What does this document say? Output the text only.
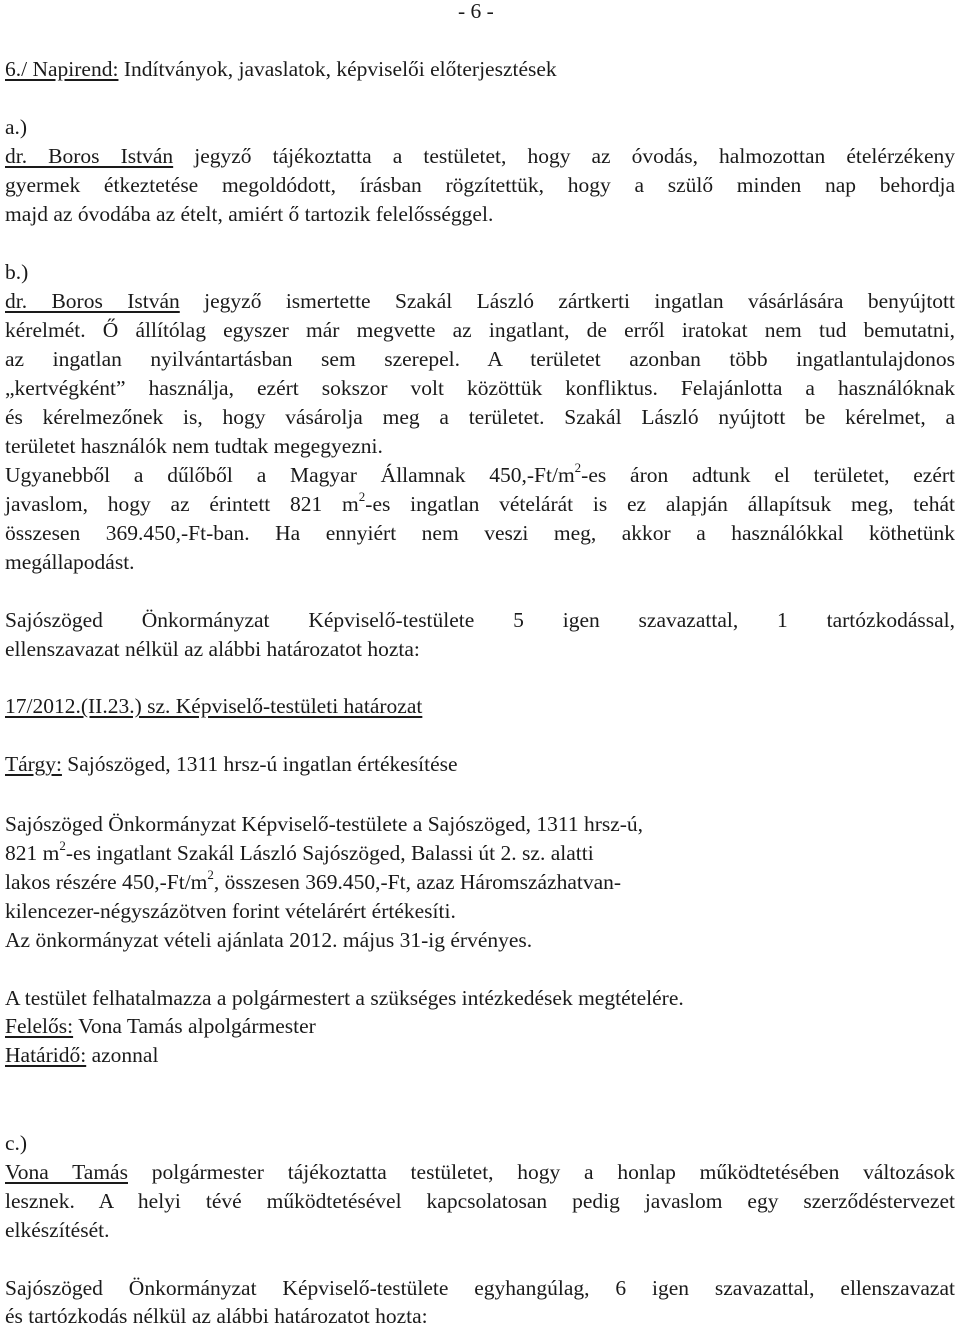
- 6 -
6./ Napirend: Indítványok, javaslatok, képviselői előterjesztések
a.)
dr. Boros István jegyző tájékoztatta a testületet, hogy az óvodás, halmozottan ételérzékeny
gyermek étkeztetése megoldódott, írásban rögzítettük, hogy a szülő minden nap behordja
majd az óvodába az ételt, amiért ő tartozik felelősséggel.
b.)
dr. Boros István jegyző ismertette Szakál László zártkerti ingatlan vásárlására benyújtott
kérelmét. Ő állítólag egyszer már megvette az ingatlant, de erről iratokat nem tud bemutatni,
az ingatlan nyilvántartásban sem szerepel. A területet azonban több ingatlantulajdonos
„kertvégként” használja, ezért sokszor volt közöttük konfliktus. Felajánlotta a használóknak
és kérelmezőnek is, hogy vásárolja meg a területet. Szakál László nyújtott be kérelmet, a
területet használók nem tudtak megegyezni.
Ugyanebből a dűlőből a Magyar Államnak $450,-Ft/m^2-es$ áron adtunk el területet, ezért
javaslom, hogy az érintett 821 $m^2-es$ ingatlan vételárát is ez alapján állapítsuk meg, tehát
összesen 369.450,-Ft-ban. Ha ennyiért nem veszi meg, akkor a használókkal köthetünk
megállapodást.
Sajószöged Önkormányzat Képviselő-testülete 5 igen szavazattal, 1 tartózkodással,
ellenszavazat nélkül az alábbi határozatot hozta:
17/2012.(II.23.) sz. Képviselő-testületi határozat
Tárgy: Sajószöged, 1311 hrsz-ú ingatlan értékesítése
Sajószöged Önkormányzat Képviselő-testülete a Sajószöged, 1311 hrsz-ú,
821 $m^2-es$ ingatlant Szakál László Sajószöged, Balassi út 2. sz. alatti
lakos részére $450,-Ft/m^2$, összesen 369.450,-Ft, azaz Háromszázhatvan-
kilencezer-négyszázötven forint vételárért értékesíti.
Az önkormányzat vételi ajánlata 2012. május 31-ig érvényes.
A testület felhatalmazza a polgármestert a szükséges intézkedések megtételére.
Felelős: Vona Tamás alpolgármester
Határidő: azonnal
c.)
Vona Tamás polgármester tájékoztatta testületet, hogy a honlap működtetésében változások
lesznek. A helyi tévé működtetésével kapcsolatosan pedig javaslom egy szerződéstervezet
elkészítését.
Sajószöged Önkormányzat Képviselő-testülete egyhangúlag, 6 igen szavazattal, ellenszavazat
és tartózkodás nélkül az alábbi határozatot hozta:
